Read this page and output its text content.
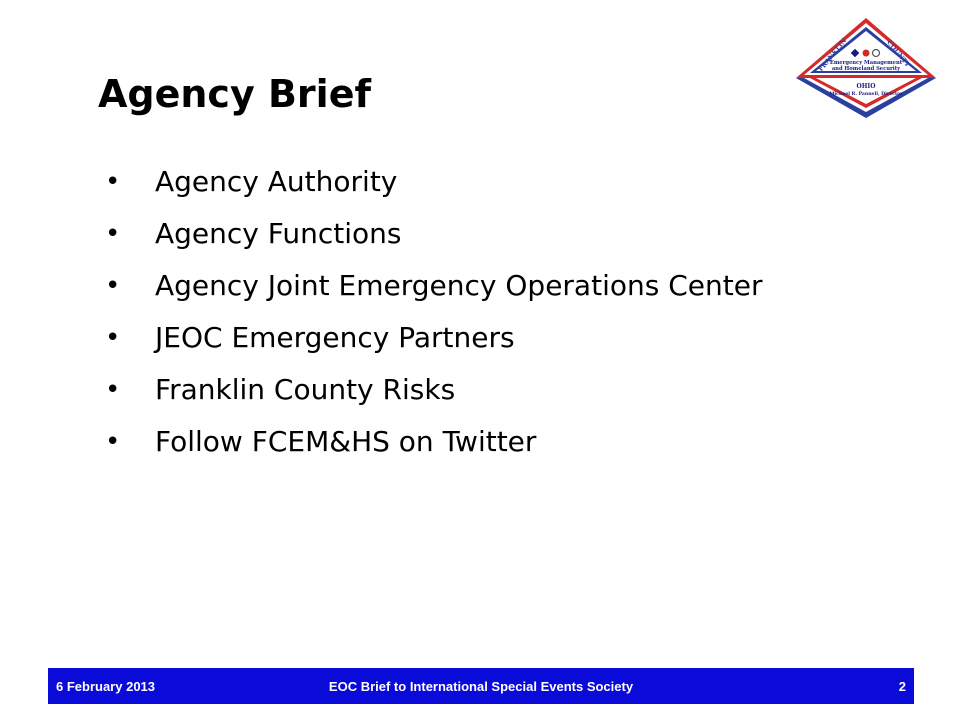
Agency Brief
• Agency Authority
• Agency Functions
• Agency Joint Emergency Operations Center
• JEOC Emergency Partners
• Franklin County Risks
• Follow FCEM&HS on Twitter
FRANKLIN	COUNTY
Emergency Management
and Homeland Security
OHIO
Michael R. Pannell, Director
EOC Brief to International Special Events Society
6 February 2013	2
